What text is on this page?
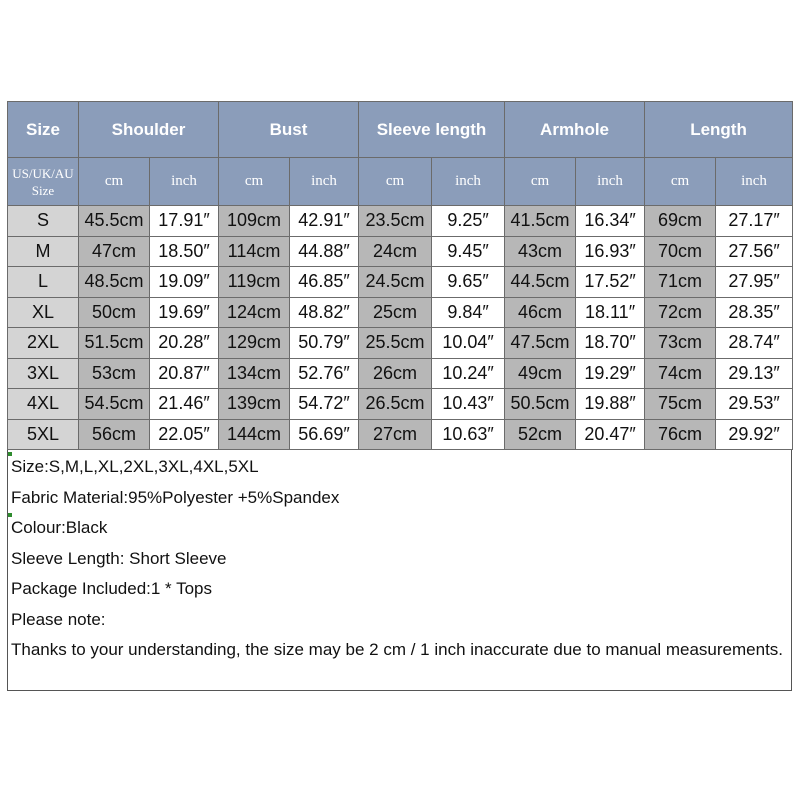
Size	Shoulder		Bust		Sleeve length		Armhole		Length	

US/UK/AU
Size	cm	inch	cm	inch	cm	inch	cm	inch	cm	inch
S	45.5cm	17.91″	109cm	42.91″	23.5cm	9.25″	41.5cm	16.34″	69cm	27.17″
M	47cm	18.50″	114cm	44.88″	24cm	9.45″	43cm	16.93″	70cm	27.56″
L	48.5cm	19.09″	119cm	46.85″	24.5cm	9.65″	44.5cm	17.52″	71cm	27.95″
XL	50cm	19.69″	124cm	48.82″	25cm	9.84″	46cm	18.11″	72cm	28.35″
2XL	51.5cm	20.28″	129cm	50.79″	25.5cm	10.04″	47.5cm	18.70″	73cm	28.74″
3XL	53cm	20.87″	134cm	52.76″	26cm	10.24″	49cm	19.29″	74cm	29.13″
4XL	54.5cm	21.46″	139cm	54.72″	26.5cm	10.43″	50.5cm	19.88″	75cm	29.53″
5XL	56cm	22.05″	144cm	56.69″	27cm	10.63″	52cm	20.47″	76cm	29.92″
Size:S,M,L,XL,2XL,3XL,4XL,5XL
Fabric Material:95%Polyester +5%Spandex
Colour:Black
Sleeve Length: Short Sleeve
Package Included:1 * Tops
Please note:
Thanks to your understanding, the size may be 2 cm / 1 inch inaccurate due to manual measurements.
